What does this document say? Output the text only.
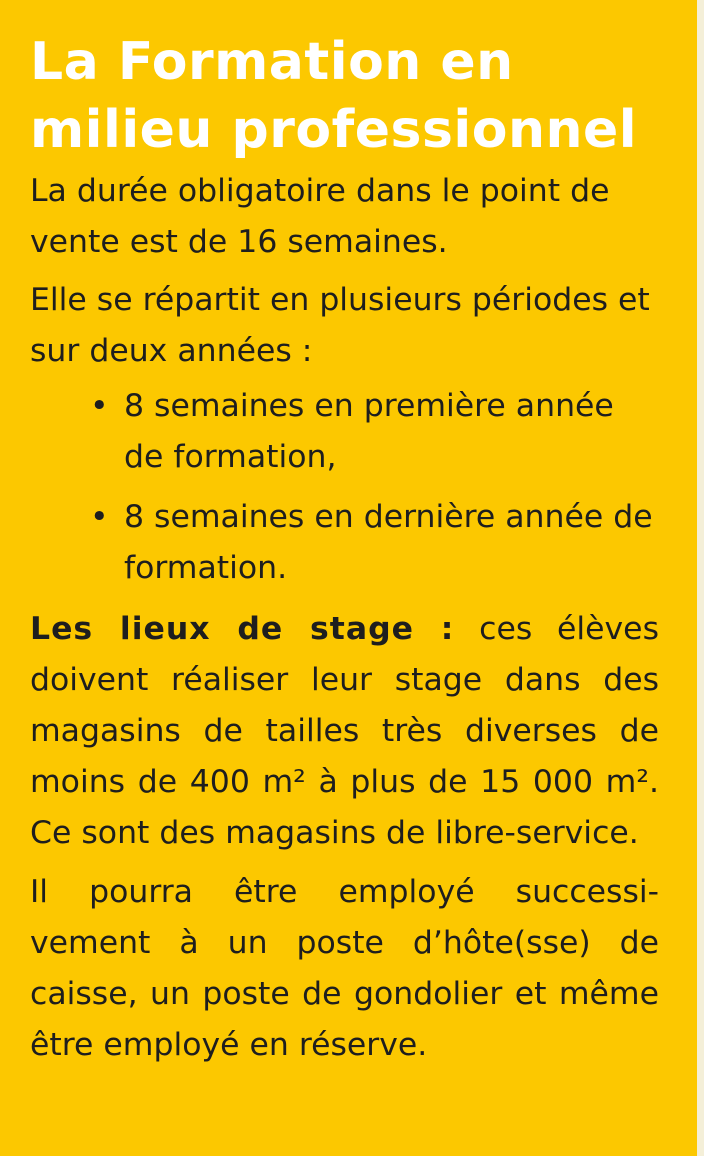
La Formation en
milieu professionnel

La durée obligatoire dans le point de vente est de 16 semaines.

Elle se répartit en plusieurs périodes et sur deux années :

• 8 semaines en première année de formation,
• 8 semaines en dernière année de formation.

Les lieux de stage : ces élèves doivent réaliser leur stage dans des magasins de tailles très diverses de moins de 400 m² à plus de 15 000 m². Ce sont des magasins de libre-service.

Il pourra être employé successi- vement à un poste d’hôte(sse) de caisse, un poste de gondolier et même être employé en réserve.
